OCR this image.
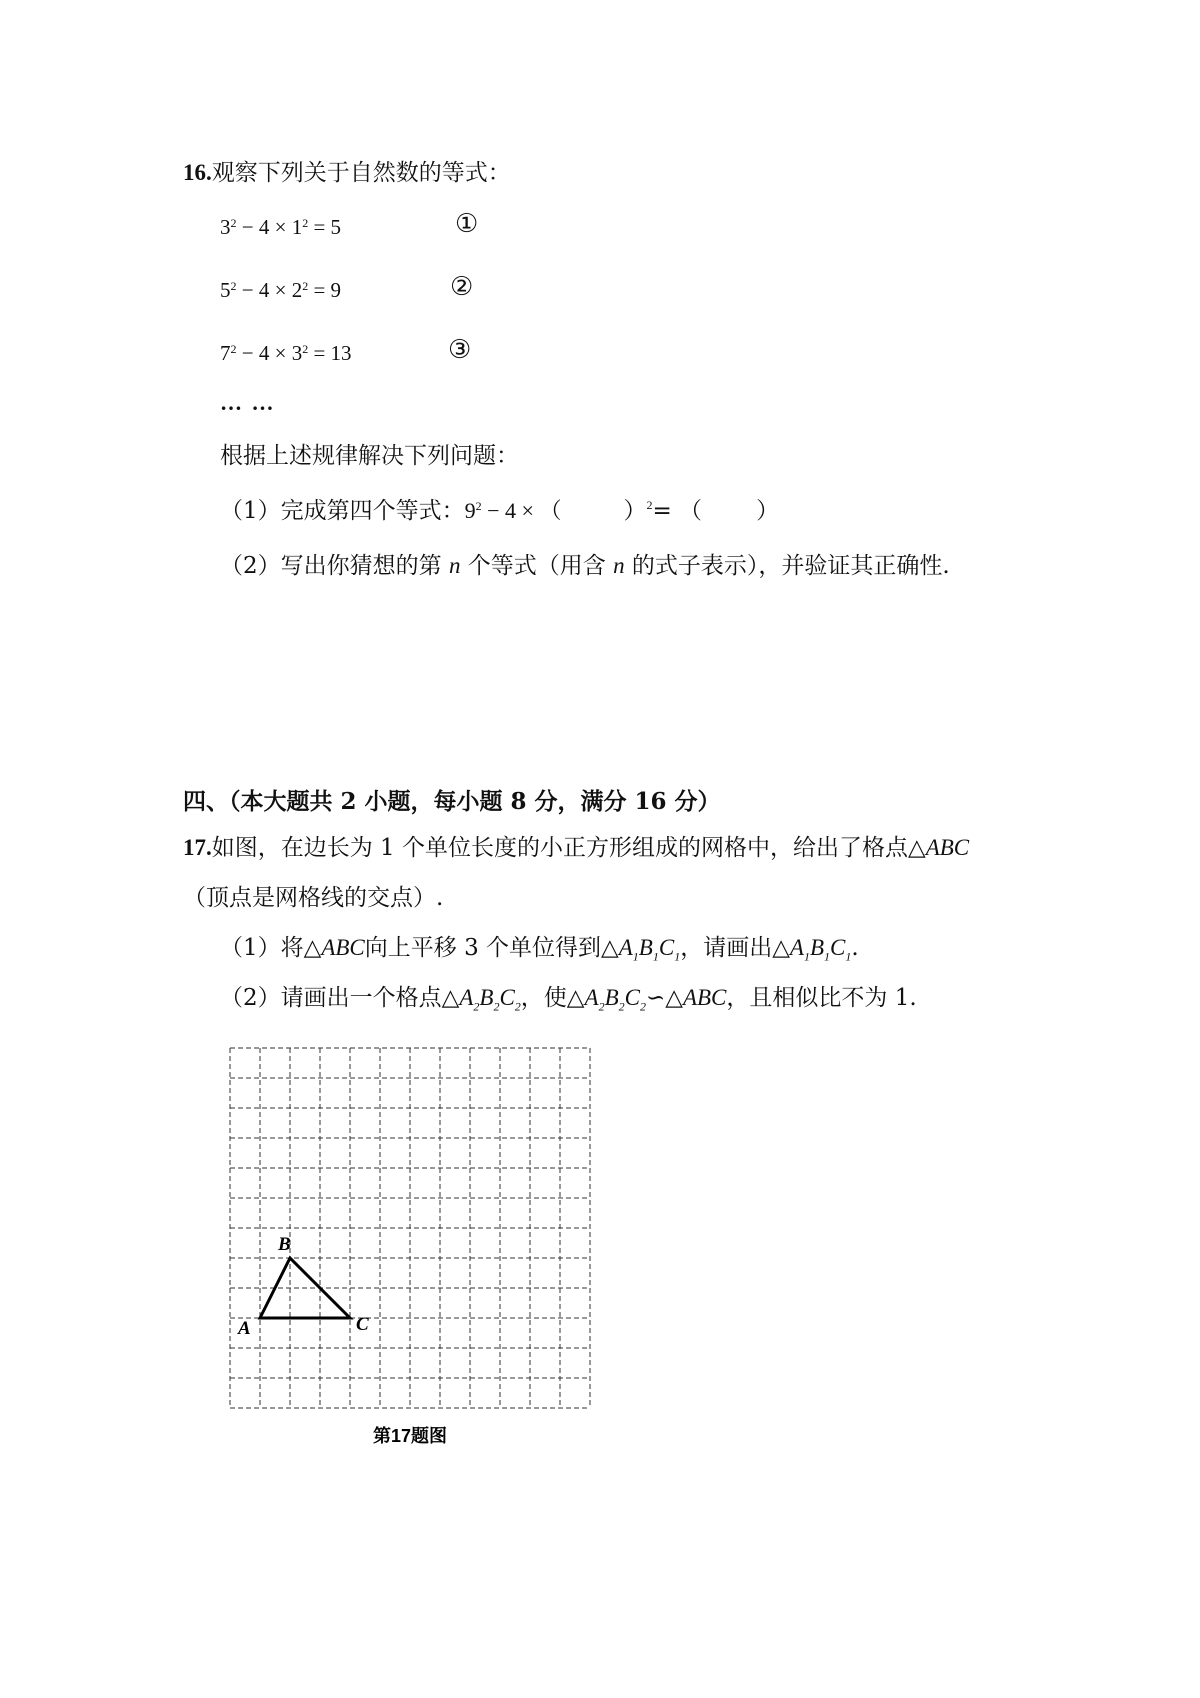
16.观察下列关于自然数的等式：
$3^2 - 4 \times 1^2 = 5$	①
$5^2 - 4 \times 2^2 = 9$	②
$7^2 - 4 \times 3^2 = 13$	③
… …
根据上述规律解决下列问题：
（1）完成第四个等式：$9^2 - 4$ × （	）$^2$= （ ）
（2）写出你猜想的第 n 个等式（用含 n 的式子表示），并验证其正确性.
四、（本大题共 2 小题，每小题 8 分，满分 16 分）
17.如图，在边长为 1 个单位长度的小正方形组成的网格中，给出了格点△ABC
（顶点是网格线的交点）.
（1）将△ABC向上平移 3 个单位得到$\triangle A_1B_1C_1$，请画出$\triangle A_1B_1C_1$.
（2）请画出一个格点$\triangle A_2B_2C_2$，使$\triangle A_2B_2C_2∽\triangle ABC$，且相似比不为 1.
A
B
C
第17题图
